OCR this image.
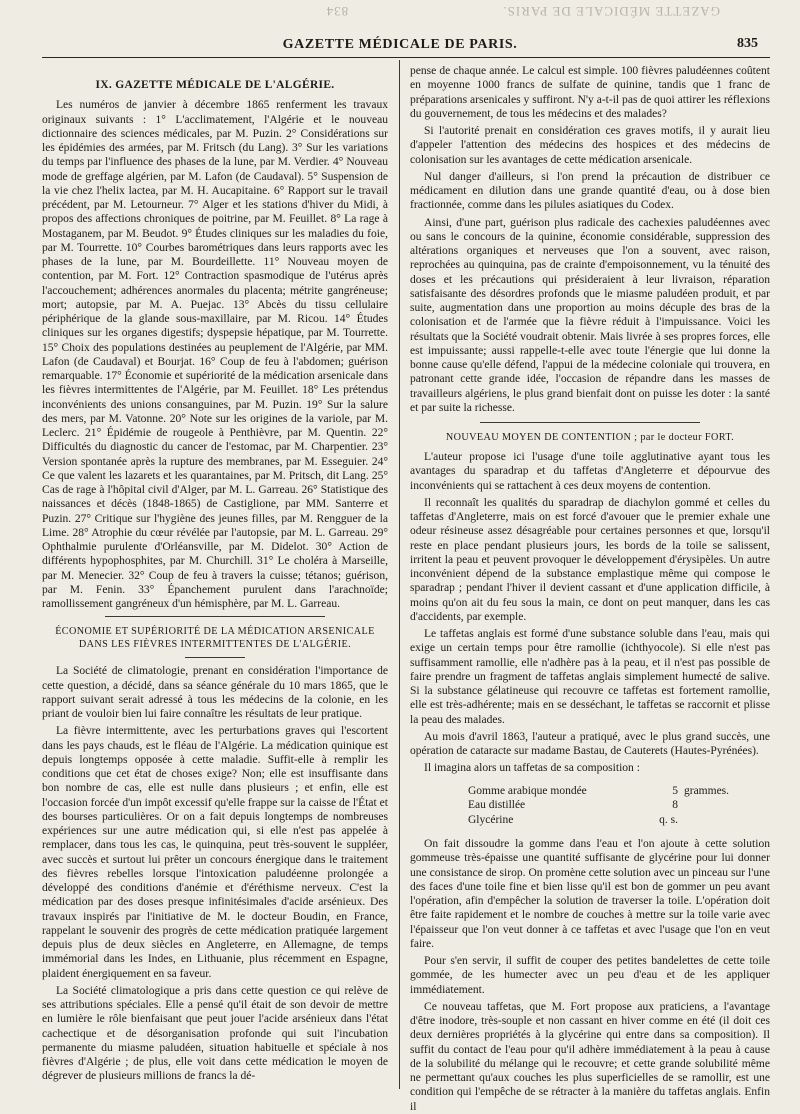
GAZETTE MÉDICALE DE PARIS. 834
GAZETTE MÉDICALE DE PARIS.	835
IX. GAZETTE MÉDICALE DE L'ALGÉRIE.

Les numéros de janvier à décembre 1865 renferment les travaux originaux suivants : 1° L'acclimatement, l'Algérie et le nouveau dictionnaire des sciences médicales, par M. Puzin. 2° Considérations sur les épidémies des armées, par M. Fritsch (du Lang). 3° Sur les variations du temps par l'influence des phases de la lune, par M. Verdier. 4° Nouveau mode de greffage algérien, par M. Lafon (de Caudaval). 5° Suspension de la vie chez l'helix lactea, par M. H. Aucapitaine. 6° Rapport sur le travail précédent, par M. Letourneur. 7° Alger et les stations d'hiver du Midi, à propos des affections chroniques de poitrine, par M. Feuillet. 8° La rage à Mostaganem, par M. Beudot. 9° Études cliniques sur les maladies du foie, par M. Tourrette. 10° Courbes barométriques dans leurs rapports avec les phases de la lune, par M. Bourdeillette. 11° Nouveau moyen de contention, par M. Fort. 12° Contraction spasmodique de l'utérus après l'accouchement; adhérences anormales du placenta; métrite gangréneuse; mort; autopsie, par M. A. Puejac. 13° Abcès du tissu cellulaire périphérique de la glande sous-maxillaire, par M. Ricou. 14° Études cliniques sur les organes digestifs; dyspepsie hépatique, par M. Tourrette. 15° Choix des populations destinées au peuplement de l'Algérie, par MM. Lafon (de Caudaval) et Bourjat. 16° Coup de feu à l'abdomen; guérison remarquable. 17° Économie et supériorité de la médication arsenicale dans les fièvres intermittentes de l'Algérie, par M. Feuillet. 18° Les prétendus inconvénients des unions consanguines, par M. Puzin. 19° Sur la salure des mers, par M. Vatonne. 20° Note sur les origines de la variole, par M. Leclerc. 21° Épidémie de rougeole à Penthièvre, par M. Quentin. 22° Difficultés du diagnostic du cancer de l'estomac, par M. Charpentier. 23° Version spontanée après la rupture des membranes, par M. Esseguier. 24° Ce que valent les lazarets et les quarantaines, par M. Pritsch, dit Lang. 25° Cas de rage à l'hôpital civil d'Alger, par M. L. Garreau. 26° Statistique des naissances et décès (1848-1865) de Castiglione, par MM. Santerre et Puzin. 27° Critique sur l'hygiène des jeunes filles, par M. Rengguer de la Lime. 28° Atrophie du cœur révélée par l'autopsie, par M. L. Garreau. 29° Ophthalmie purulente d'Orléansville, par M. Didelot. 30° Action de différents hypophosphites, par M. Churchill. 31° Le choléra à Marseille, par M. Menecier. 32° Coup de feu à travers la cuisse; tétanos; guérison, par M. Fenin. 33° Épanchement purulent dans l'arachnoïde; ramollissement gangréneux d'un hémisphère, par M. L. Garreau.

ÉCONOMIE ET SUPÉRIORITÉ DE LA MÉDICATION ARSENICALE DANS LES FIÈVRES INTERMITTENTES DE L'ALGÉRIE.

La Société de climatologie, prenant en considération l'importance de cette question, a décidé, dans sa séance générale du 10 mars 1865, que le rapport suivant serait adressé à tous les médecins de la colonie, en les priant de vouloir bien lui faire connaître les résultats de leur pratique.

La fièvre intermittente, avec les perturbations graves qui l'escortent dans les pays chauds, est le fléau de l'Algérie. La médication quinique est depuis longtemps opposée à cette maladie. Suffit-elle à remplir les conditions que cet état de choses exige? Non; elle est insuffisante dans bon nombre de cas, elle est nulle dans plusieurs ; et enfin, elle est l'occasion forcée d'un impôt excessif qu'elle frappe sur la caisse de l'État et des bourses particulières. Or on a fait depuis longtemps de nombreuses expériences sur une autre médication qui, si elle n'est pas appelée à remplacer, dans tous les cas, le quinquina, peut très-souvent le suppléer, avec succès et surtout lui prêter un concours énergique dans le traitement des fièvres rebelles lorsque l'intoxication paludéenne prolongée a développé des conditions d'anémie et d'éréthisme nerveux. C'est la médication par des doses presque infinitésimales d'acide arsénieux. Des travaux inspirés par l'initiative de M. le docteur Boudin, en France, rappelant le souvenir des progrès de cette médication pratiquée largement depuis plus de deux siècles en Angleterre, en Allemagne, de temps immémorial dans les Indes, en Lithuanie, plus récemment en Espagne, plaident énergiquement en sa faveur.

La Société climatologique a pris dans cette question ce qui relève de ses attributions spéciales. Elle a pensé qu'il était de son devoir de mettre en lumière le rôle bienfaisant que peut jouer l'acide arsénieux dans l'état cachectique et de désorganisation profonde qui suit l'incubation permanente du miasme paludéen, situation habituelle et spéciale à nos fièvres d'Algérie ; de plus, elle voit dans cette médication le moyen de dégrever de plusieurs millions de francs la dé-

pense de chaque année. Le calcul est simple. 100 fièvres paludéennes coûtent en moyenne 1000 francs de sulfate de quinine, tandis que 1 franc de préparations arsenicales y suffiront. N'y a-t-il pas de quoi attirer les réflexions du gouvernement, de tous les médecins et des malades?

Si l'autorité prenait en considération ces graves motifs, il y aurait lieu d'appeler l'attention des médecins des hospices et des médecins de colonisation sur les avantages de cette médication arsenicale.

Nul danger d'ailleurs, si l'on prend la précaution de distribuer ce médicament en dilution dans une grande quantité d'eau, ou à dose bien fractionnée, comme dans les pilules asiatiques du Codex.

Ainsi, d'une part, guérison plus radicale des cachexies paludéennes avec ou sans le concours de la quinine, économie considérable, suppression des altérations organiques et nerveuses que l'on a souvent, avec raison, reprochées au quinquina, pas de crainte d'empoisonnement, vu la ténuité des doses et les précautions qui présideraient à leur livraison, réparation satisfaisante des désordres profonds que le miasme paludéen produit, et par suite, augmentation dans une proportion au moins décuple des bras de la colonisation et de l'armée que la fièvre réduit à l'impuissance. Voici les résultats que la Société voudrait obtenir. Mais livrée à ses propres forces, elle est impuissante; aussi rappelle-t-elle avec toute l'énergie que lui donne la bonne cause qu'elle défend, l'appui de la médecine coloniale qui trouvera, en patronant cette grande idée, l'occasion de répandre dans les masses de travailleurs algériens, le plus grand bienfait dont on puisse les doter : la santé et par suite la richesse.

NOUVEAU MOYEN DE CONTENTION ; par le docteur FORT.

L'auteur propose ici l'usage d'une toile agglutinative ayant tous les avantages du sparadrap et du taffetas d'Angleterre et dépourvue des inconvénients qui se rattachent à ces deux moyens de contention.

Il reconnaît les qualités du sparadrap de diachylon gommé et celles du taffetas d'Angleterre, mais on est forcé d'avouer que le premier exhale une odeur résineuse assez désagréable pour certaines personnes et que, lorsqu'il reste en place pendant plusieurs jours, les bords de la toile se salissent, irritent la peau et peuvent provoquer le développement d'érysipèles. Un autre inconvénient dépend de la substance emplastique même qui compose le sparadrap ; pendant l'hiver il devient cassant et d'une application difficile, à moins qu'on ait du feu sous la main, ce dont on peut manquer, dans les cas d'accidents, par exemple.

Le taffetas anglais est formé d'une substance soluble dans l'eau, mais qui exige un certain temps pour être ramollie (ichthyocole). Si elle n'est pas suffisamment ramollie, elle n'adhère pas à la peau, et il n'est pas possible de faire prendre un fragment de taffetas anglais simplement humecté de salive. Si la substance gélatineuse qui recouvre ce taffetas est fortement ramollie, elle est très-adhérente; mais en se desséchant, le taffetas se raccornit et plisse la peau des malades.

Au mois d'avril 1863, l'auteur a pratiqué, avec le plus grand succès, une opération de cataracte sur madame Bastau, de Cauterets (Hautes-Pyrénées).

Il imagina alors un taffetas de sa composition :

Gomme arabique mondée	5 grammes.
Eau distillée	8
Glycérine	q. s.

On fait dissoudre la gomme dans l'eau et l'on ajoute à cette solution gommeuse très-épaisse une quantité suffisante de glycérine pour lui donner une consistance de sirop. On promène cette solution avec un pinceau sur l'une des faces d'une toile fine et bien lisse qu'il est bon de gommer un peu avant l'opération, afin d'empêcher la solution de traverser la toile. L'opération doit être faite rapidement et le nombre de couches à mettre sur la toile varie avec l'épaisseur que l'on veut donner à ce taffetas et avec l'usage que l'on en veut faire.

Pour s'en servir, il suffit de couper des petites bandelettes de cette toile gommée, de les humecter avec un peu d'eau et de les appliquer immédiatement.

Ce nouveau taffetas, que M. Fort propose aux praticiens, a l'avantage d'être inodore, très-souple et non cassant en hiver comme en été (il doit ces deux dernières propriétés à la glycérine qui entre dans sa composition). Il suffit du contact de l'eau pour qu'il adhère immédiatement à la peau à cause de la solubilité du mélange qui le recouvre; et cette grande solubilité même ne permettant qu'aux couches les plus superficielles de se ramollir, est une condition qui l'empêche de se rétracter à la manière du taffetas anglais. Enfin il
